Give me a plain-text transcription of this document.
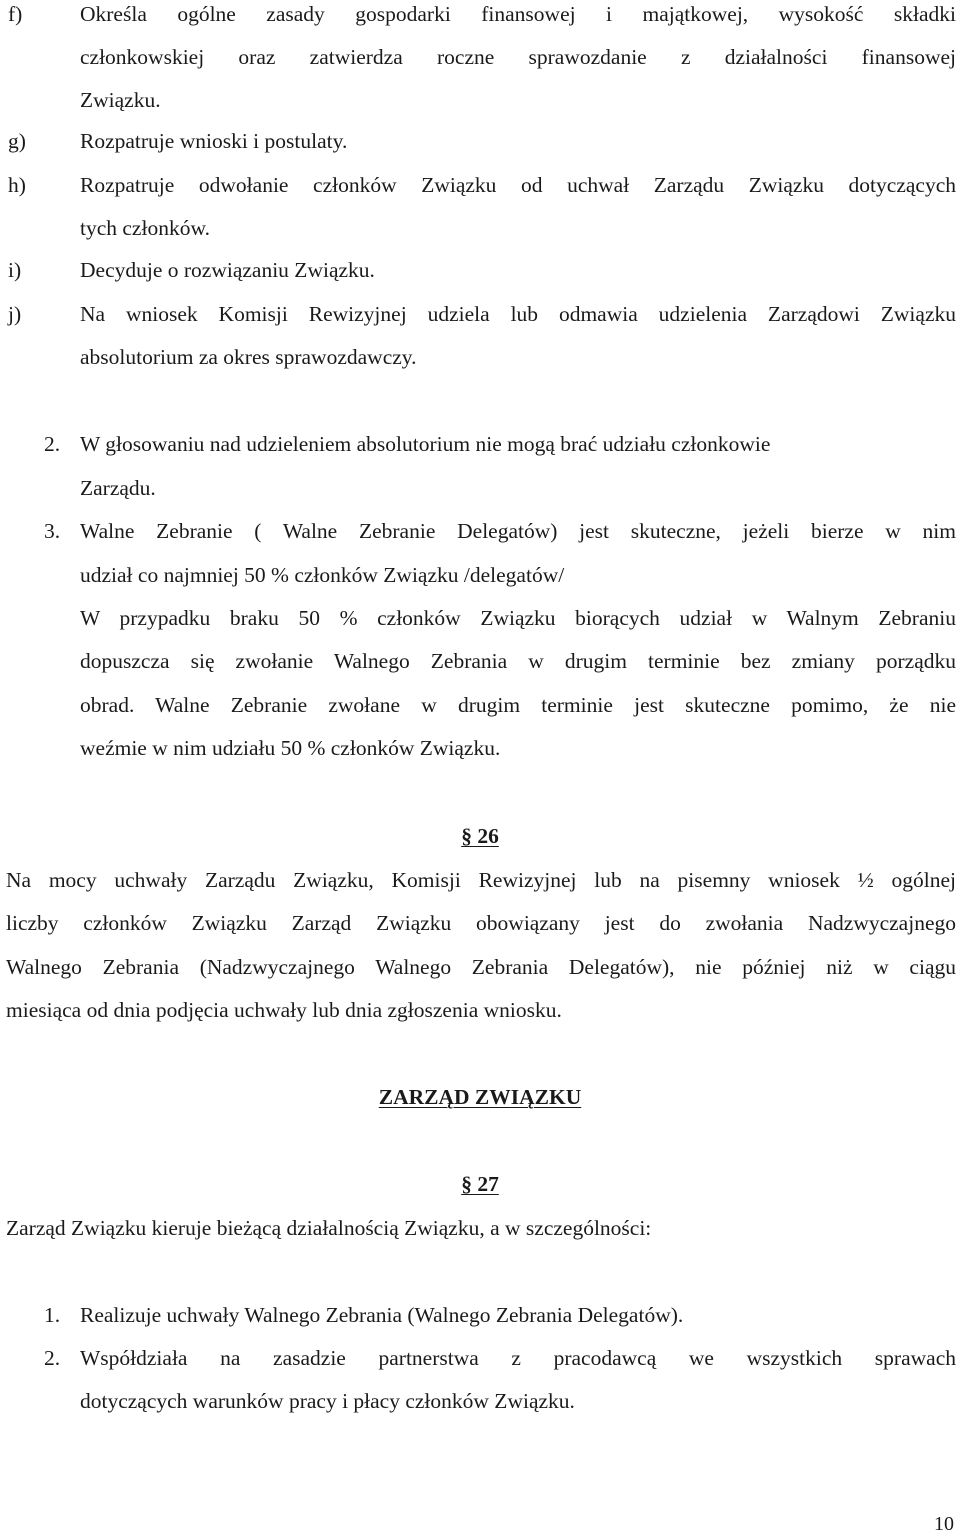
f)	Określa ogólne zasady gospodarki finansowej i majątkowej, wysokość składki
członkowskiej oraz zatwierdza roczne sprawozdanie z działalności finansowej
Związku.
g)	Rozpatruje wnioski i postulaty.
h)	Rozpatruje odwołanie członków Związku od uchwał Zarządu Związku dotyczących
tych członków.
i)	Decyduje o rozwiązaniu Związku.
j)	Na wniosek Komisji Rewizyjnej udziela lub odmawia udzielenia Zarządowi Związku
absolutorium za okres sprawozdawczy.
2. W głosowaniu nad udzieleniem absolutorium nie mogą brać udziału członkowie
Zarządu.
3. Walne Zebranie ( Walne Zebranie Delegatów) jest skuteczne, jeżeli bierze w nim
udział co najmniej 50 % członków Związku /delegatów/
W przypadku braku 50 % członków Związku biorących udział w Walnym Zebraniu
dopuszcza się zwołanie Walnego Zebrania w drugim terminie bez zmiany porządku
obrad. Walne Zebranie zwołane w drugim terminie jest skuteczne pomimo, że nie
weźmie w nim udziału 50 % członków Związku.
§ 26
Na mocy uchwały Zarządu Związku, Komisji Rewizyjnej lub na pisemny wniosek ½ ogólnej
liczby członków Związku Zarząd Związku obowiązany jest do zwołania Nadzwyczajnego
Walnego Zebrania (Nadzwyczajnego Walnego Zebrania Delegatów), nie później niż w ciągu
miesiąca od dnia podjęcia uchwały lub dnia zgłoszenia wniosku.
ZARZĄD ZWIĄZKU
§ 27
Zarząd Związku kieruje bieżącą działalnością Związku, a w szczególności:
1. Realizuje uchwały Walnego Zebrania (Walnego Zebrania Delegatów).
2. Współdziała na zasadzie partnerstwa z pracodawcą we wszystkich sprawach
dotyczących warunków pracy i płacy członków Związku.
10
